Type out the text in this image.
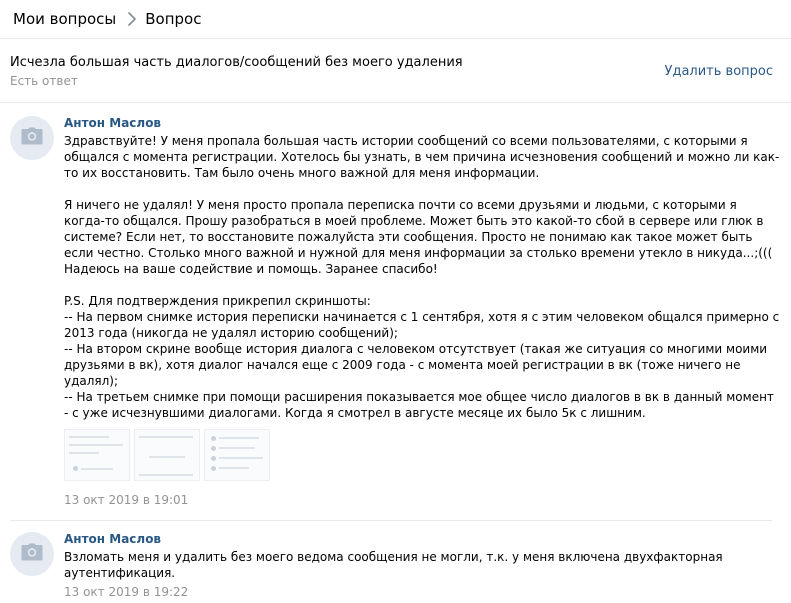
Мои вопросы Вопрос
Исчезла большая часть диалогов/сообщений без моего удаления
Есть ответ
Удалить вопрос
Антон Маслов
Здравствуйте! У меня пропала большая часть истории сообщений со всеми пользователями, с которыми я общался с момента регистрации. Хотелось бы узнать, в чем причина исчезновения сообщений и можно ли как-то их восстановить. Там было очень много важной для меня информации.

Я ничего не удалял! У меня просто пропала переписка почти со всеми друзьями и людьми, с которыми я когда-то общался. Прошу разобраться в моей проблеме. Может быть это какой-то сбой в сервере или глюк в системе? Если нет, то восстановите пожалуйста эти сообщения. Просто не понимаю как такое может быть если честно. Столько много важной и нужной для меня информации за столько времени утекло в никуда...;(((
Надеюсь на ваше содействие и помощь. Заранее спасибо!

P.S. Для подтверждения прикрепил скриншоты:
-- На первом снимке история переписки начинается с 1 сентября, хотя я с этим человеком общался примерно с 2013 года (никогда не удалял историю сообщений);
-- На втором скрине вообще история диалога с человеком отсутствует (такая же ситуация со многими моими друзьями в вк), хотя диалог начался еще с 2009 года - с момента моей регистрации в вк (тоже ничего не удалял);
-- На третьем снимке при помощи расширения показывается мое общее число диалогов в вк в данный момент - с уже исчезнувшими диалогами. Когда я смотрел в августе месяце их было 5к с лишним.
13 окт 2019 в 19:01
Антон Маслов
Взломать меня и удалить без моего ведома сообщения не могли, т.к. у меня включена двухфакторная аутентификация.
13 окт 2019 в 19:22
